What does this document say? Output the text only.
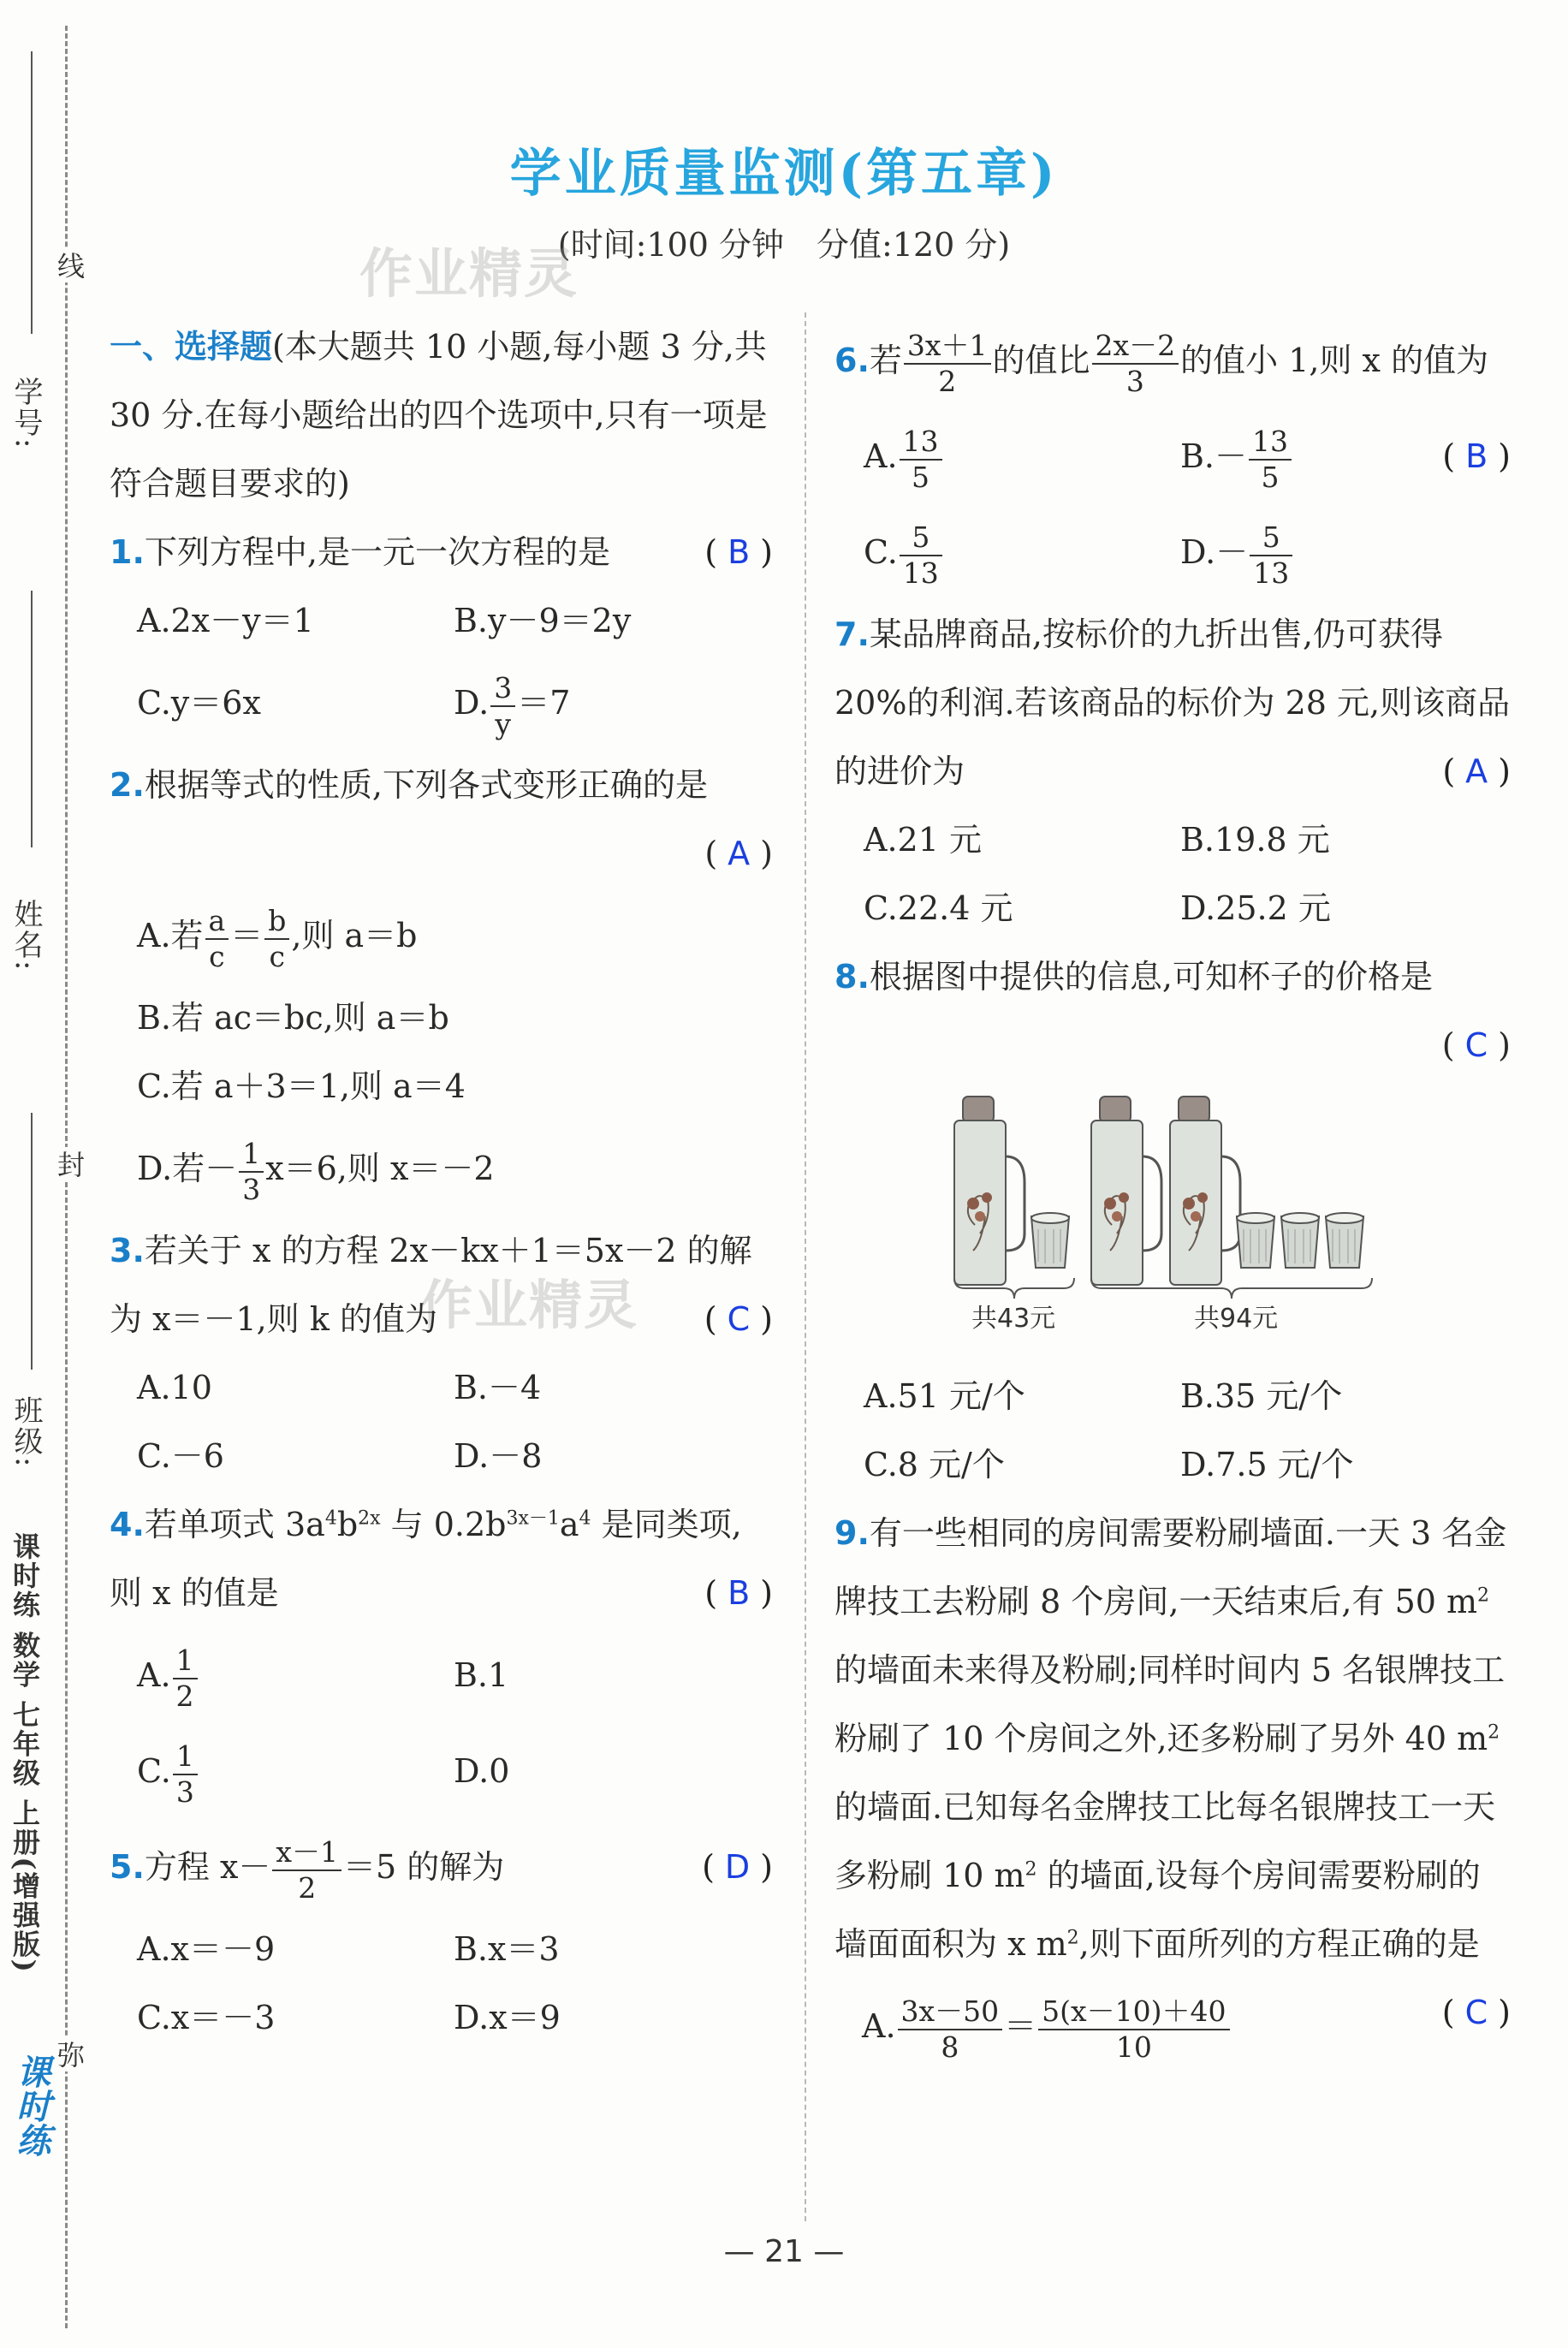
学号:
姓名:
班级:
课时练 数学 七年级 上册(增强版)
线
封
弥
学业质量监测(第五章)
(时间:100 分钟　分值:120 分)
作业精灵
作业精灵
一、选择题(本大题共 10 小题,每小题 3 分,共 30 分.在每小题给出的四个选项中,只有一项是符合题目要求的)
1.下列方程中,是一元一次方程的是	( B )
A.2x－y＝1	B.y－9＝2y
C.y＝6x	D. $\frac{3}{y} =7$
2.根据等式的性质,下列各式变形正确的是
( A )
A.若 $\frac{a}{c} = \frac{b}{c}$ ,则 a＝b
B.若 ac＝bc,则 a＝b
C.若 a＋3＝1,则 a＝4
D.若－ $\frac{1}{3} x=6$,则 x＝－2
3.若关于 x 的方程 2x－kx＋1＝5x－2 的解为 x＝－1,则 k 的值为	( C )
A.10	B.－4
C.－6	D.－8
4.若单项式 $3a^4b^{2x}$ 与 $0.2b^{3x-1}a^4$ 是同类项,则 x 的值是	( B )
A. $\frac{1}{2}$	B.1
C. $\frac{1}{3}$	D.0
5.方程 $x- \frac{x-1}{2} =5$ 的解为	( D )
A.x＝－9	B.x＝3
C.x＝－3	D.x＝9
6.若 $\frac{3x+1}{2}$ 的值比 $\frac{2x-2}{3}$ 的值小 1,则 x 的值为
( B )
A. $\frac{13}{5}$	$B.- \frac{13}{5}$
C. $\frac{5}{13}$	$D.- \frac{5}{13}$
7.某品牌商品,按标价的九折出售,仍可获得 20%的利润.若该商品的标价为 28 元,则该商品的进价为	( A )
A.21 元	B.19.8 元
C.22.4 元	D.25.2 元
8.根据图中提供的信息,可知杯子的价格是
( C )
共43元	共94元
A.51 元/个	B.35 元/个
C.8 元/个	D.7.5 元/个
9.有一些相同的房间需要粉刷墙面.一天 3 名金牌技工去粉刷 8 个房间,一天结束后,有 50 $m^2$ 的墙面未来得及粉刷;同样时间内 5 名银牌技工粉刷了 10 个房间之外,还多粉刷了另外 40 $m^2$ 的墙面.已知每名金牌技工比每名银牌技工一天多粉刷 10 $m^2$ 的墙面,设每个房间需要粉刷的墙面面积为 x $m^2$,则下面所列的方程正确的是
( C )
A. $\frac{3x-50}{8} = \frac{5(x-10)+40}{10}$
课时练
— 21 —
